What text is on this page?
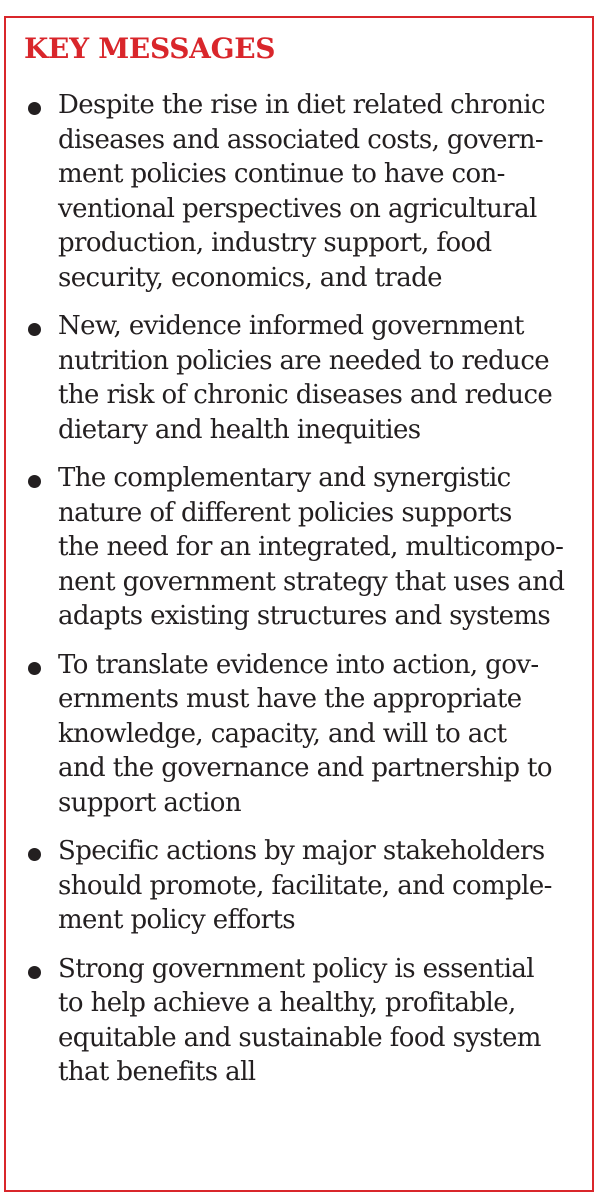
KEY MESSAGES
Despite the rise in diet related chronic
diseases and associated costs, govern-
ment policies continue to have con-
ventional perspectives on agricultural
production, industry support, food
security, economics, and trade
New, evidence informed government
nutrition policies are needed to reduce
the risk of chronic diseases and reduce
dietary and health inequities
The complementary and synergistic
nature of different policies supports
the need for an integrated, multicompo-
nent government strategy that uses and
adapts existing structures and systems
To translate evidence into action, gov-
ernments must have the appropriate
knowledge, capacity, and will to act
and the governance and partnership to
support action
Specific actions by major stakeholders
should promote, facilitate, and comple-
ment policy efforts
Strong government policy is essential
to help achieve a healthy, profitable,
equitable and sustainable food system
that benefits all
